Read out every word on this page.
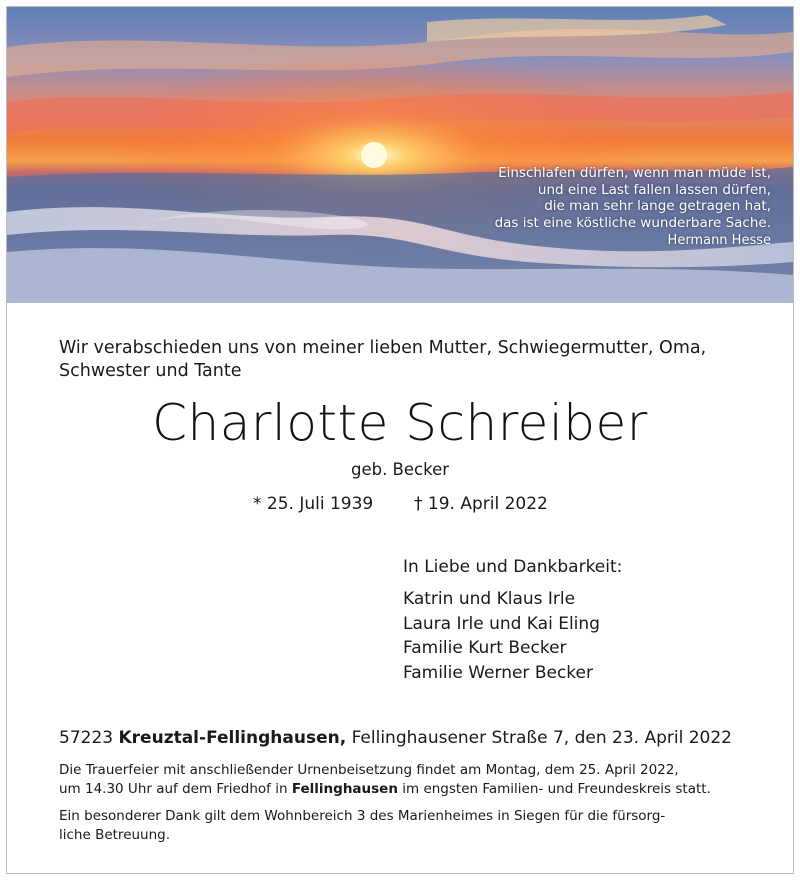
Einschlafen dürfen, wenn man müde ist,
und eine Last fallen lassen dürfen,
die man sehr lange getragen hat,
das ist eine köstliche wunderbare Sache.
Hermann Hesse
Wir verabschieden uns von meiner lieben Mutter, Schwiegermutter, Oma,
Schwester und Tante
Charlotte Schreiber
geb. Becker
* 25. Juli 1939 † 19. April 2022
In Liebe und Dankbarkeit:
Katrin und Klaus Irle
Laura Irle und Kai Eling
Familie Kurt Becker
Familie Werner Becker
57223 Kreuztal-Fellinghausen, Fellinghausener Straße 7, den 23. April 2022
Die Trauerfeier mit anschließender Urnenbeisetzung findet am Montag, dem 25. April 2022,
um 14.30 Uhr auf dem Friedhof in Fellinghausen im engsten Familien- und Freundeskreis statt.
Ein besonderer Dank gilt dem Wohnbereich 3 des Marienheimes in Siegen für die fürsorg-
liche Betreuung.
